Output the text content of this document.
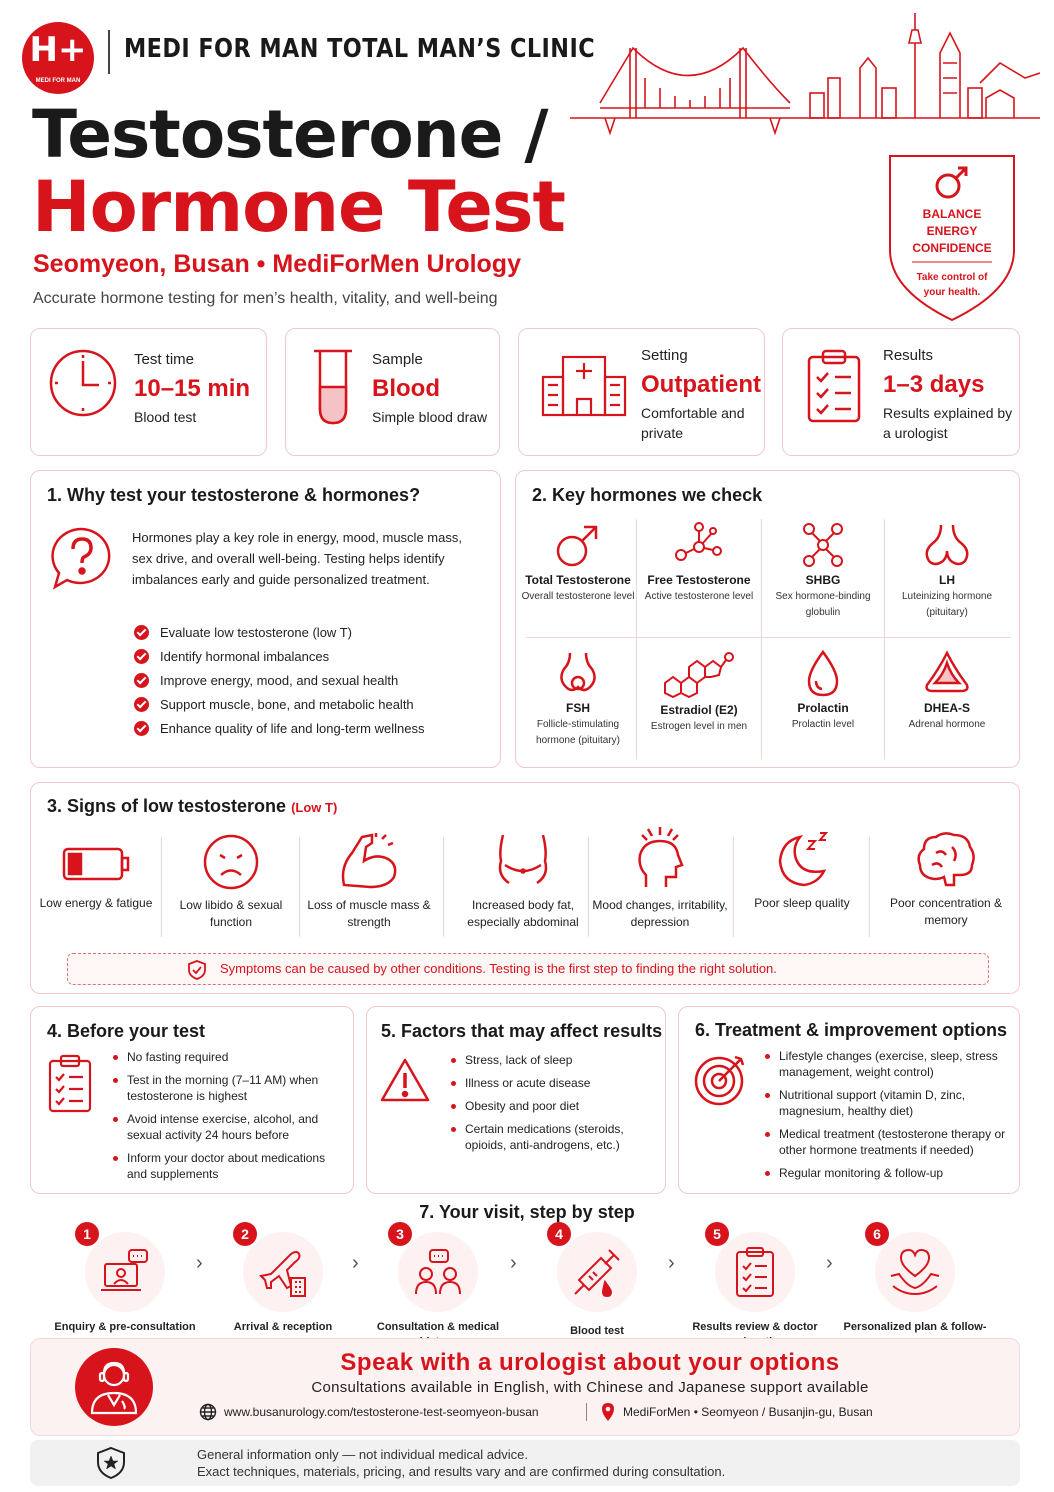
H+
MEDI FOR MAN
MEDI FOR MAN TOTAL MAN’S CLINIC
Testosterone /
Hormone Test
Seomyeon, Busan • MediForMen Urology
Accurate hormone testing for men’s health, vitality, and well-being
BALANCE
ENERGY
CONFIDENCE
Take control of
your health.
Test time
10–15 min
Blood test
Sample
Blood
Simple blood draw
Setting
Outpatient
Comfortable and private
Results
1–3 days
Results explained by a urologist
1. Why test your testosterone & hormones?
Hormones play a key role in energy, mood, muscle mass, sex drive, and overall well-being. Testing helps identify imbalances early and guide personalized treatment.
Evaluate low testosterone (low T)
Identify hormonal imbalances
Improve energy, mood, and sexual health
Support muscle, bone, and metabolic health
Enhance quality of life and long-term wellness
2. Key hormones we check
Total Testosterone
Overall testosterone level
Free Testosterone
Active testosterone level
SHBG
Sex hormone-binding globulin
LH
Luteinizing hormone (pituitary)
FSH
Follicle-stimulating hormone (pituitary)
Estradiol (E2)
Estrogen level in men
Prolactin
Prolactin level
DHEA-S
Adrenal hormone
3. Signs of low testosterone (Low T)
Low energy & fatigue	Low libido & sexual function
Loss of muscle mass & strength
Increased body fat, especially abdominal
Mood changes, irritability, depression
Poor sleep quality	Poor concentration & memory
Symptoms can be caused by other conditions. Testing is the first step to finding the right solution.
4. Before your test
No fasting required
Test in the morning (7–11 AM) when testosterone is highest
Avoid intense exercise, alcohol, and sexual activity 24 hours before
Inform your doctor about medications and supplements
5. Factors that may affect results
Stress, lack of sleep
Illness or acute disease
Obesity and poor diet
Certain medications (steroids, opioids, anti-androgens, etc.)
6. Treatment & improvement options
Lifestyle changes (exercise, sleep, stress management, weight control)
Nutritional support (vitamin D, zinc, magnesium, healthy diet)
Medical treatment (testosterone therapy or other hormone treatments if needed)
Regular monitoring & follow-up
7. Your visit, step by step
1
Enquiry & pre-consultation
›
2
Arrival & reception
›
3
Consultation & medical
›
4
Blood test
›
5
Results review & doctor
›
6
Personalized plan & follow-
Speak with a urologist about your options
Consultations available in English, with Chinese and Japanese support available
www.busanurology.com/testosterone-test-seomyeon-busan	MediForMen • Seomyeon / Busanjin-gu, Busan
General information only — not individual medical advice.
Exact techniques, materials, pricing, and results vary and are confirmed during consultation.
